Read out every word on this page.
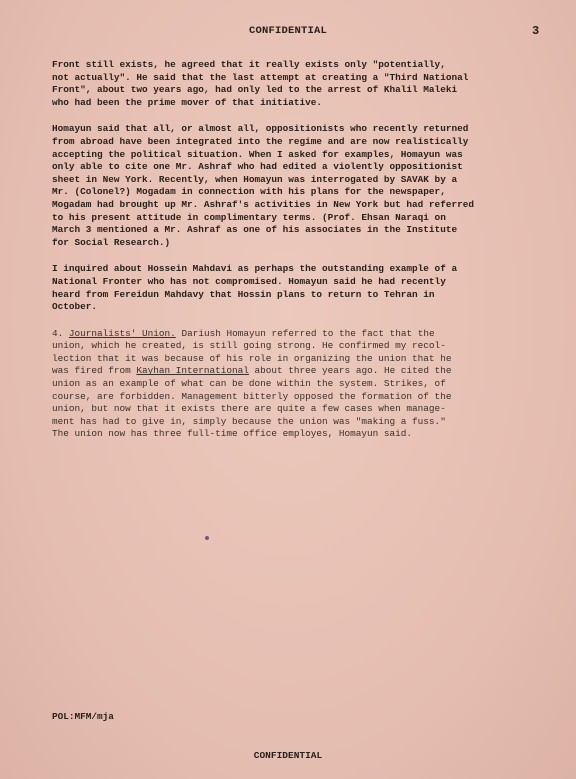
CONFIDENTIAL	3

Front still exists, he agreed that it really exists only "potentially,
not actually". He said that the last attempt at creating a "Third National
Front", about two years ago, had only led to the arrest of Khalil Maleki
who had been the prime mover of that initiative.

Homayun said that all, or almost all, oppositionists who recently returned
from abroad have been integrated into the regime and are now realistically
accepting the political situation. When I asked for examples, Homayun was
only able to cite one Mr. Ashraf who had edited a violently oppositionist
sheet in New York. Recently, when Homayun was interrogated by SAVAK by a
Mr. (Colonel?) Mogadam in connection with his plans for the newspaper,
Mogadam had brought up Mr. Ashraf's activities in New York but had referred
to his present attitude in complimentary terms. (Prof. Ehsan Naraqi on
March 3 mentioned a Mr. Ashraf as one of his associates in the Institute
for Social Research.)

I inquired about Hossein Mahdavi as perhaps the outstanding example of a
National Fronter who has not compromised. Homayun said he had recently
heard from Fereidun Mahdavy that Hossin plans to return to Tehran in
October.

4. Journalists' Union. Dariush Homayun referred to the fact that the
union, which he created, is still going strong. He confirmed my recol-
lection that it was because of his role in organizing the union that he
was fired from Kayhan International about three years ago. He cited the
union as an example of what can be done within the system. Strikes, of
course, are forbidden. Management bitterly opposed the formation of the
union, but now that it exists there are quite a few cases when manage-
ment has had to give in, simply because the union was "making a fuss."
The union now has three full-time office employes, Homayun said.

POL:MFM/mja
CONFIDENTIAL
